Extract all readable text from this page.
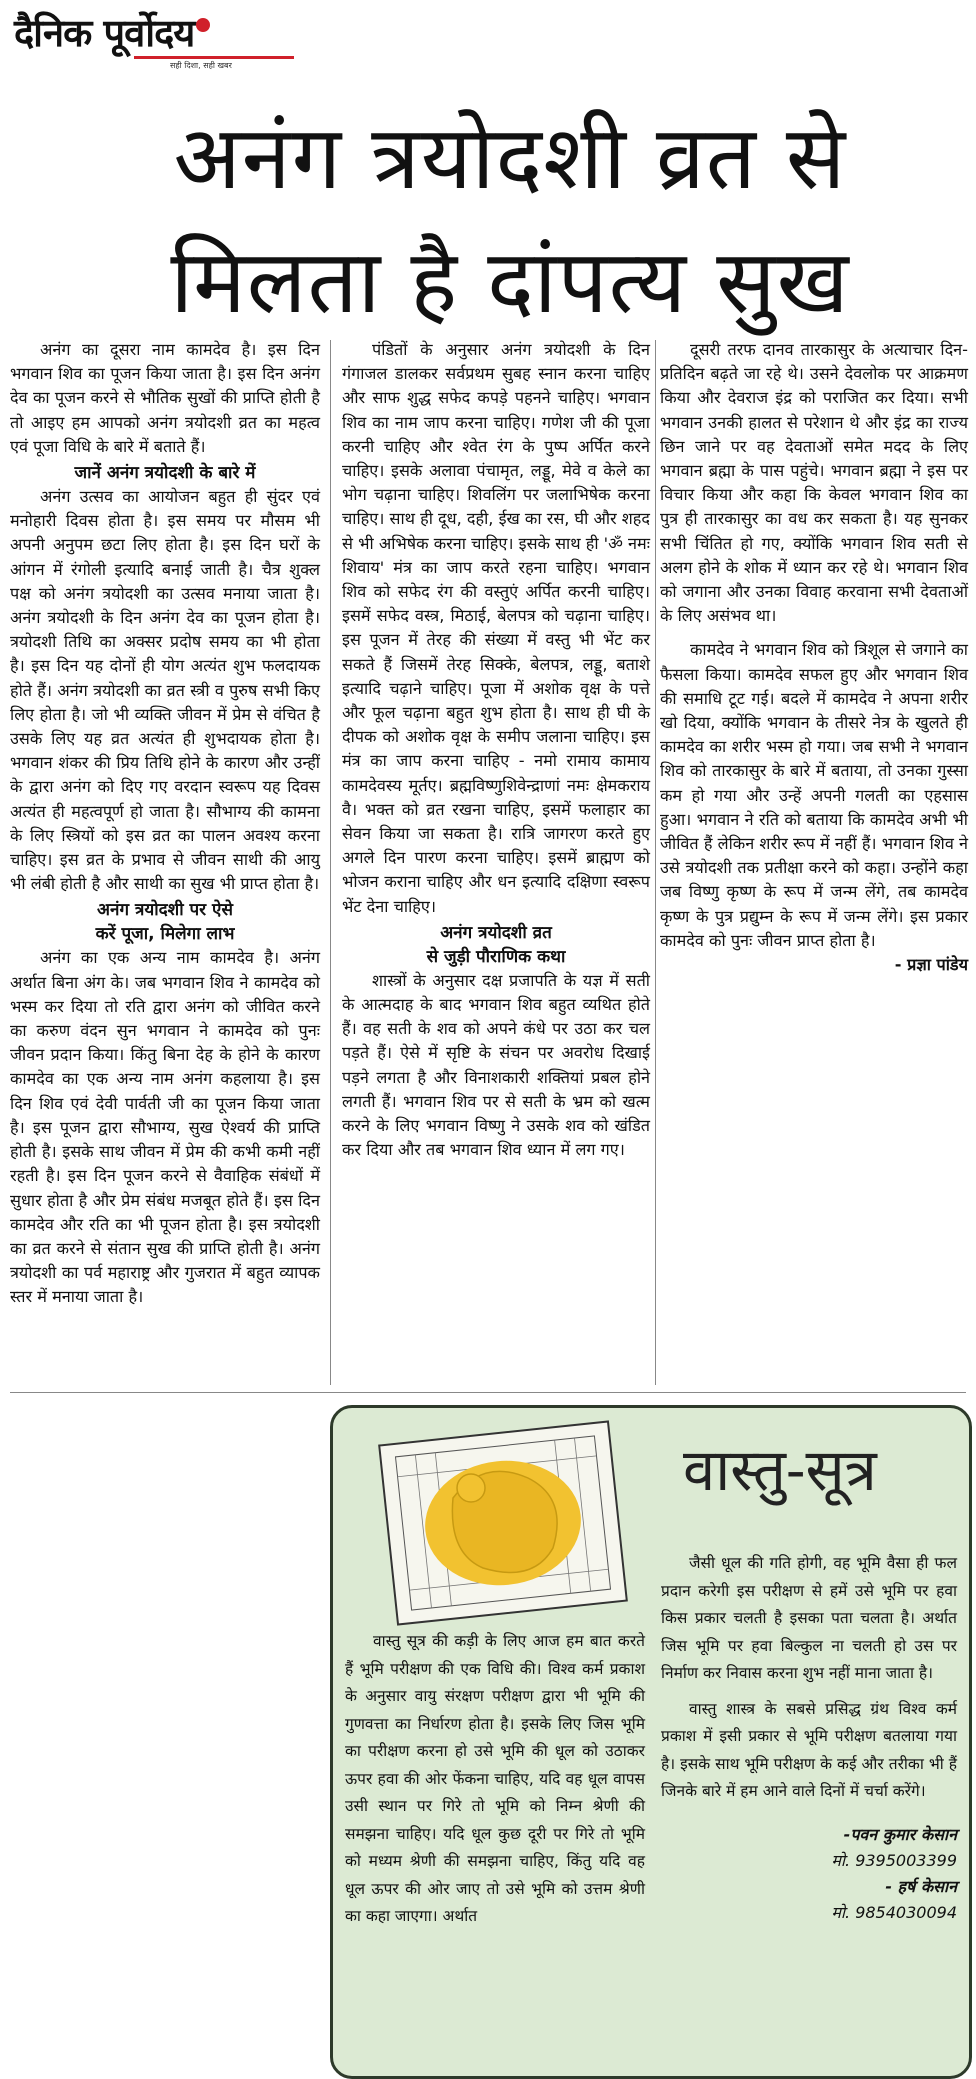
दैनिक पूर्वोदय
सही दिशा, सही खबर
अनंग त्रयोदशी व्रत से
मिलता है दांपत्य सुख

अनंग का दूसरा नाम कामदेव है। इस दिन भगवान शिव का पूजन किया जाता है। इस दिन अनंग देव का पूजन करने से भौतिक सुखों की प्राप्ति होती है तो आइए हम आपको अनंग त्रयोदशी व्रत का महत्व एवं पूजा विधि के बारे में बताते हैं।

जानें अनंग त्रयोदशी के बारे में

अनंग उत्सव का आयोजन बहुत ही सुंदर एवं मनोहारी दिवस होता है। इस समय पर मौसम भी अपनी अनुपम छटा लिए होता है। इस दिन घरों के आंगन में रंगोली इत्यादि बनाई जाती है। चैत्र शुक्ल पक्ष को अनंग त्रयोदशी का उत्सव मनाया जाता है। अनंग त्रयोदशी के दिन अनंग देव का पूजन होता है। त्रयोदशी तिथि का अक्सर प्रदोष समय का भी होता है। इस दिन यह दोनों ही योग अत्यंत शुभ फलदायक होते हैं। अनंग त्रयोदशी का व्रत स्त्री व पुरुष सभी किए लिए होता है। जो भी व्यक्ति जीवन में प्रेम से वंचित है उसके लिए यह व्रत अत्यंत ही शुभदायक होता है। भगवान शंकर की प्रिय तिथि होने के कारण और उन्हीं के द्वारा अनंग को दिए गए वरदान स्वरूप यह दिवस अत्यंत ही महत्वपूर्ण हो जाता है। सौभाग्य की कामना के लिए स्त्रियों को इस व्रत का पालन अवश्य करना चाहिए। इस व्रत के प्रभाव से जीवन साथी की आयु भी लंबी होती है और साथी का सुख भी प्राप्त होता है।

अनंग त्रयोदशी पर ऐसे
करें पूजा, मिलेगा लाभ

अनंग का एक अन्य नाम कामदेव है। अनंग अर्थात बिना अंग के। जब भगवान शिव ने कामदेव को भस्म कर दिया तो रति द्वारा अनंग को जीवित करने का करुण वंदन सुन भगवान ने कामदेव को पुनः जीवन प्रदान किया। किंतु बिना देह के होने के कारण कामदेव का एक अन्य नाम अनंग कहलाया है। इस दिन शिव एवं देवी पार्वती जी का पूजन किया जाता है। इस पूजन द्वारा सौभाग्य, सुख ऐश्वर्य की प्राप्ति होती है। इसके साथ जीवन में प्रेम की कभी कमी नहीं रहती है। इस दिन पूजन करने से वैवाहिक संबंधों में सुधार होता है और प्रेम संबंध मजबूत होते हैं। इस दिन कामदेव और रति का भी पूजन होता है। इस त्रयोदशी का व्रत करने से संतान सुख की प्राप्ति होती है। अनंग त्रयोदशी का पर्व महाराष्ट्र और गुजरात में बहुत व्यापक स्तर में मनाया जाता है।

पंडितों के अनुसार अनंग त्रयोदशी के दिन गंगाजल डालकर सर्वप्रथम सुबह स्नान करना चाहिए और साफ शुद्ध सफेद कपड़े पहनने चाहिए। भगवान शिव का नाम जाप करना चाहिए। गणेश जी की पूजा करनी चाहिए और श्वेत रंग के पुष्प अर्पित करने चाहिए। इसके अलावा पंचामृत, लड्डू, मेवे व केले का भोग चढ़ाना चाहिए। शिवलिंग पर जलाभिषेक करना चाहिए। साथ ही दूध, दही, ईख का रस, घी और शहद से भी अभिषेक करना चाहिए। इसके साथ ही 'ॐ नमः शिवाय' मंत्र का जाप करते रहना चाहिए। भगवान शिव को सफेद रंग की वस्तुएं अर्पित करनी चाहिए। इसमें सफेद वस्त्र, मिठाई, बेलपत्र को चढ़ाना चाहिए। इस पूजन में तेरह की संख्या में वस्तु भी भेंट कर सकते हैं जिसमें तेरह सिक्के, बेलपत्र, लड्डू, बताशे इत्यादि चढ़ाने चाहिए। पूजा में अशोक वृक्ष के पत्ते और फूल चढ़ाना बहुत शुभ होता है। साथ ही घी के दीपक को अशोक वृक्ष के समीप जलाना चाहिए। इस मंत्र का जाप करना चाहिए - नमो रामाय कामाय कामदेवस्य मूर्तए। ब्रह्मविष्णुशिवेन्द्राणां नमः क्षेमकराय वै। भक्त को व्रत रखना चाहिए, इसमें फलाहार का सेवन किया जा सकता है। रात्रि जागरण करते हुए अगले दिन पारण करना चाहिए। इसमें ब्राह्मण को भोजन कराना चाहिए और धन इत्यादि दक्षिणा स्वरूप भेंट देना चाहिए।

अनंग त्रयोदशी व्रत
से जुड़ी पौराणिक कथा

शास्त्रों के अनुसार दक्ष प्रजापति के यज्ञ में सती के आत्मदाह के बाद भगवान शिव बहुत व्यथित होते हैं। वह सती के शव को अपने कंधे पर उठा कर चल पड़ते हैं। ऐसे में सृष्टि के संचन पर अवरोध दिखाई पड़ने लगता है और विनाशकारी शक्तियां प्रबल होने लगती हैं। भगवान शिव पर से सती के भ्रम को खत्म करने के लिए भगवान विष्णु ने उसके शव को खंडित कर दिया और तब भगवान शिव ध्यान में लग गए।

दूसरी तरफ दानव तारकासुर के अत्याचार दिन-प्रतिदिन बढ़ते जा रहे थे। उसने देवलोक पर आक्रमण किया और देवराज इंद्र को पराजित कर दिया। सभी भगवान उनकी हालत से परेशान थे और इंद्र का राज्य छिन जाने पर वह देवताओं समेत मदद के लिए भगवान ब्रह्मा के पास पहुंचे। भगवान ब्रह्मा ने इस पर विचार किया और कहा कि केवल भगवान शिव का पुत्र ही तारकासुर का वध कर सकता है। यह सुनकर सभी चिंतित हो गए, क्योंकि भगवान शिव सती से अलग होने के शोक में ध्यान कर रहे थे। भगवान शिव को जगाना और उनका विवाह करवाना सभी देवताओं के लिए असंभव था।

कामदेव ने भगवान शिव को त्रिशूल से जगाने का फैसला किया। कामदेव सफल हुए और भगवान शिव की समाधि टूट गई। बदले में कामदेव ने अपना शरीर खो दिया, क्योंकि भगवान के तीसरे नेत्र के खुलते ही कामदेव का शरीर भस्म हो गया। जब सभी ने भगवान शिव को तारकासुर के बारे में बताया, तो उनका गुस्सा कम हो गया और उन्हें अपनी गलती का एहसास हुआ। भगवान ने रति को बताया कि कामदेव अभी भी जीवित हैं लेकिन शरीर रूप में नहीं हैं। भगवान शिव ने उसे त्रयोदशी तक प्रतीक्षा करने को कहा। उन्होंने कहा जब विष्णु कृष्ण के रूप में जन्म लेंगे, तब कामदेव कृष्ण के पुत्र प्रद्युम्न के रूप में जन्म लेंगे। इस प्रकार कामदेव को पुनः जीवन प्राप्त होता है।

- प्रज्ञा पांडेय
वास्तु-सूत्र

वास्तु सूत्र की कड़ी के लिए आज हम बात करते हैं भूमि परीक्षण की एक विधि की। विश्व कर्म प्रकाश के अनुसार वायु संरक्षण परीक्षण द्वारा भी भूमि की गुणवत्ता का निर्धारण होता है। इसके लिए जिस भूमि का परीक्षण करना हो उसे भूमि की धूल को उठाकर ऊपर हवा की ओर फेंकना चाहिए, यदि वह धूल वापस उसी स्थान पर गिरे तो भूमि को निम्न श्रेणी की समझना चाहिए। यदि धूल कुछ दूरी पर गिरे तो भूमि को मध्यम श्रेणी की समझना चाहिए, किंतु यदि वह धूल ऊपर की ओर जाए तो उसे भूमि को उत्तम श्रेणी का कहा जाएगा। अर्थात

जैसी धूल की गति होगी, वह भूमि वैसा ही फल प्रदान करेगी इस परीक्षण से हमें उसे भूमि पर हवा किस प्रकार चलती है इसका पता चलता है। अर्थात जिस भूमि पर हवा बिल्कुल ना चलती हो उस पर निर्माण कर निवास करना शुभ नहीं माना जाता है।

वास्तु शास्त्र के सबसे प्रसिद्ध ग्रंथ विश्व कर्म प्रकाश में इसी प्रकार से भूमि परीक्षण बतलाया गया है। इसके साथ भूमि परीक्षण के कई और तरीका भी हैं जिनके बारे में हम आने वाले दिनों में चर्चा करेंगे।

-पवन कुमार केसान
मो. 9395003399
- हर्ष केसान
मो. 9854030094
